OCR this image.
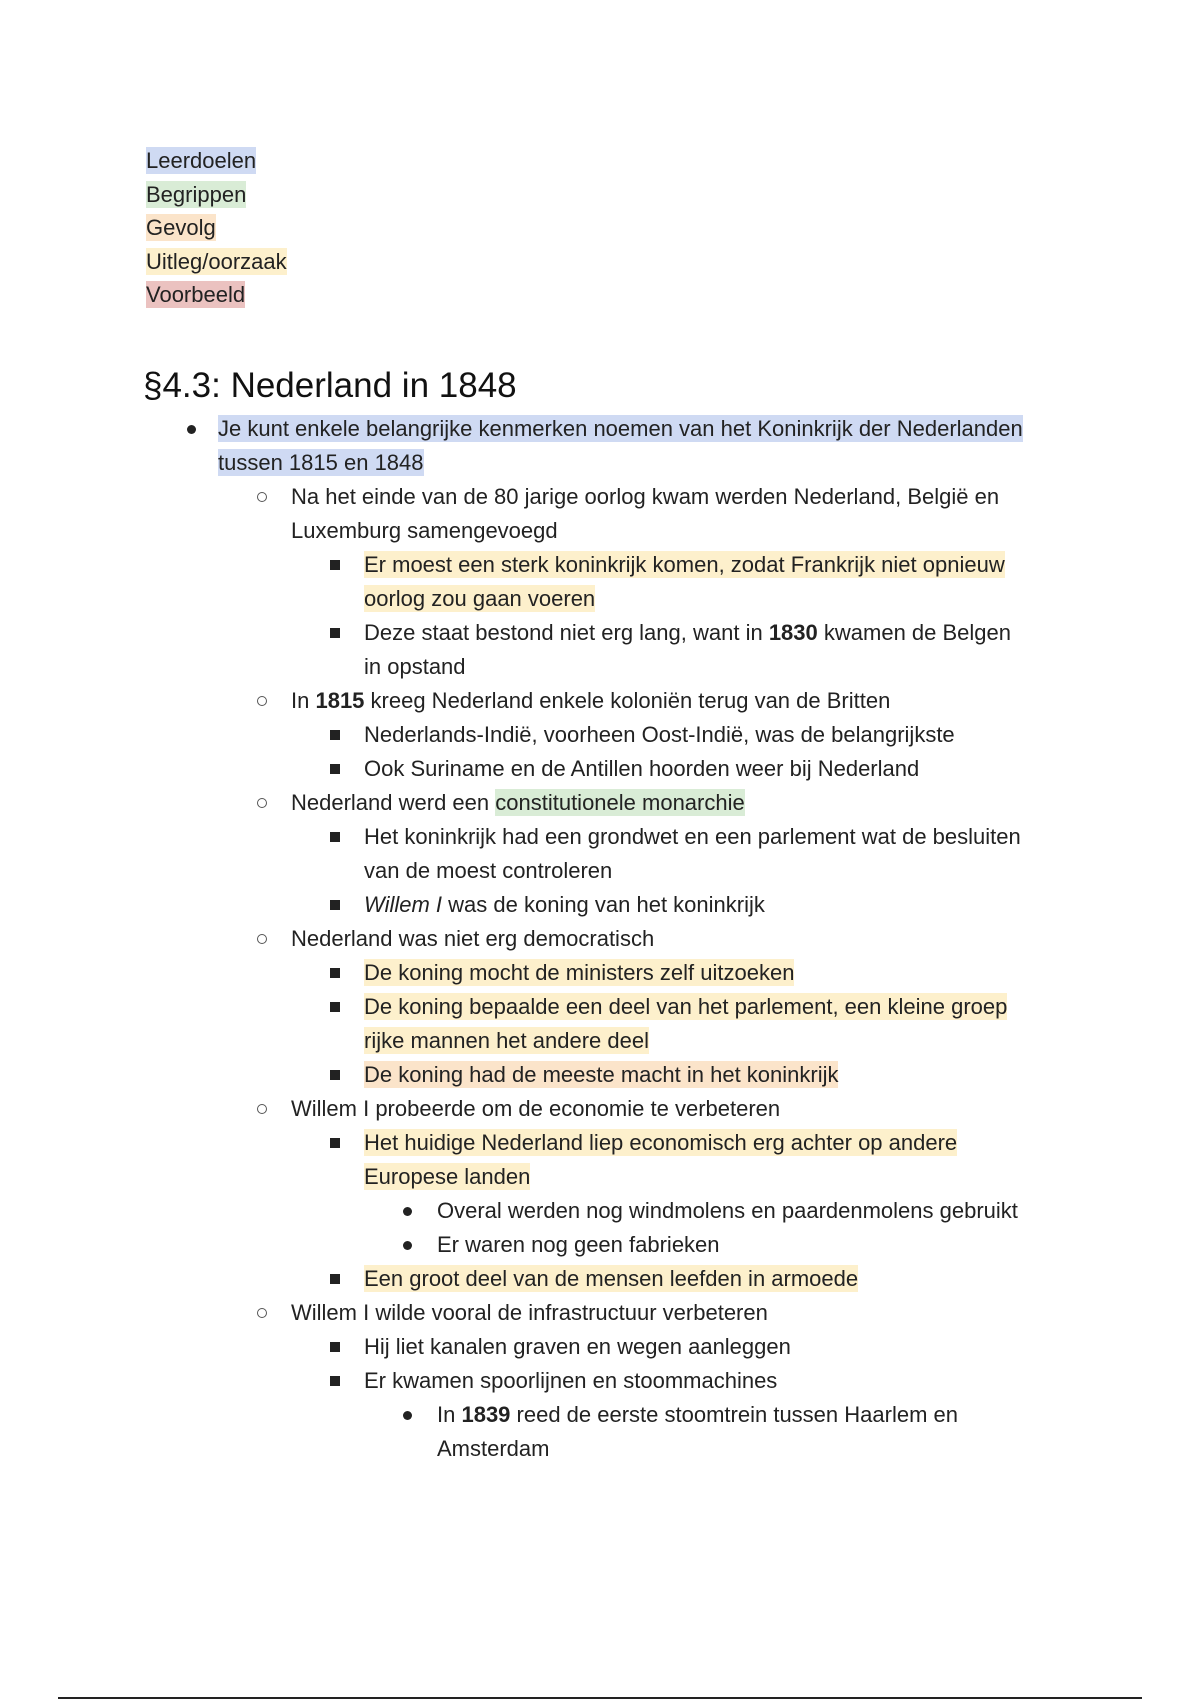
Leerdoelen
Begrippen
Gevolg
Uitleg/oorzaak
Voorbeeld
§4.3: Nederland in 1848
Je kunt enkele belangrijke kenmerken noemen van het Koninkrijk der Nederlanden
tussen 1815 en 1848
Na het einde van de 80 jarige oorlog kwam werden Nederland, België en
Luxemburg samengevoegd
Er moest een sterk koninkrijk komen, zodat Frankrijk niet opnieuw
oorlog zou gaan voeren
Deze staat bestond niet erg lang, want in 1830 kwamen de Belgen
in opstand
In 1815 kreeg Nederland enkele koloniën terug van de Britten
Nederlands-Indië, voorheen Oost-Indië, was de belangrijkste
Ook Suriname en de Antillen hoorden weer bij Nederland
Nederland werd een constitutionele monarchie
Het koninkrijk had een grondwet en een parlement wat de besluiten
van de moest controleren
Willem I was de koning van het koninkrijk
Nederland was niet erg democratisch
De koning mocht de ministers zelf uitzoeken
De koning bepaalde een deel van het parlement, een kleine groep
rijke mannen het andere deel
De koning had de meeste macht in het koninkrijk
Willem I probeerde om de economie te verbeteren
Het huidige Nederland liep economisch erg achter op andere
Europese landen
Overal werden nog windmolens en paardenmolens gebruikt
Er waren nog geen fabrieken
Een groot deel van de mensen leefden in armoede
Willem I wilde vooral de infrastructuur verbeteren
Hij liet kanalen graven en wegen aanleggen
Er kwamen spoorlijnen en stoommachines
In 1839 reed de eerste stoomtrein tussen Haarlem en
Amsterdam
